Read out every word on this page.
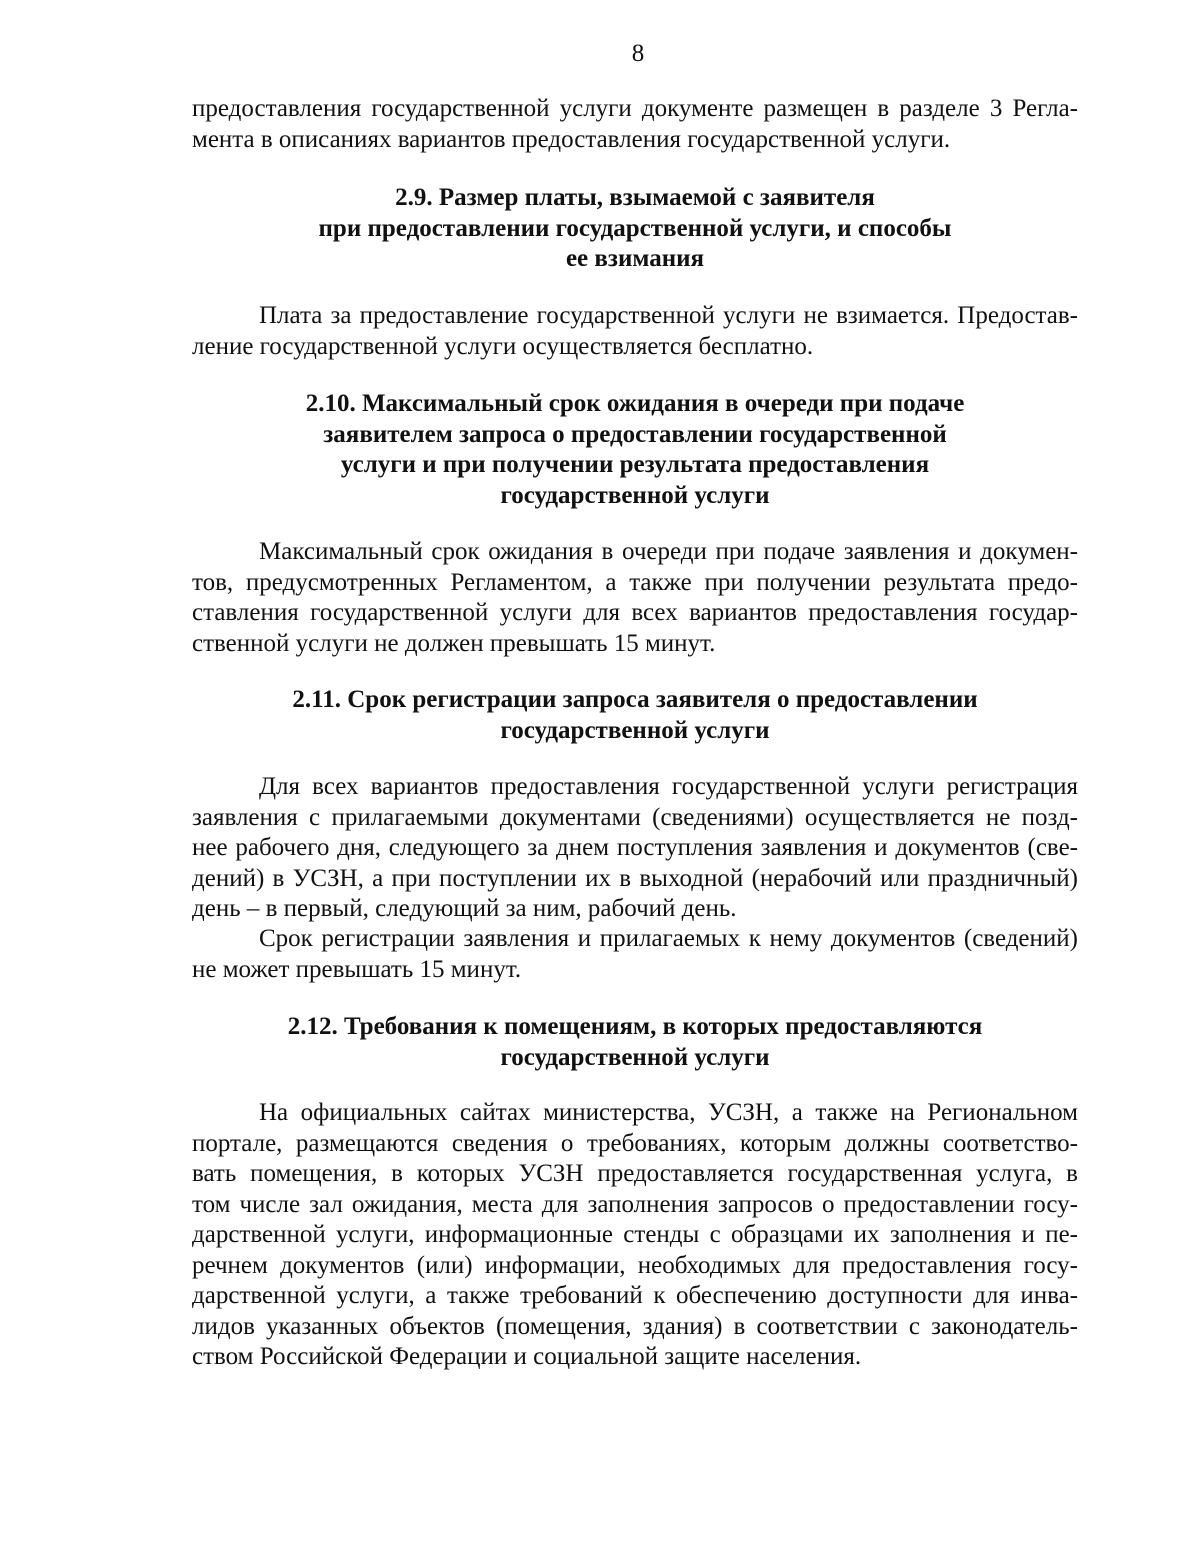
8

предоставления государственной услуги документе размещен в разделе 3 Регла-
мента в описаниях вариантов предоставления государственной услуги.

2.9. Размер платы, взымаемой с заявителя
при предоставлении государственной услуги, и способы
ее взимания

Плата за предоставление государственной услуги не взимается. Предостав-
ление государственной услуги осуществляется бесплатно.

2.10. Максимальный срок ожидания в очереди при подаче
заявителем запроса о предоставлении государственной
услуги и при получении результата предоставления
государственной услуги

Максимальный срок ожидания в очереди при подаче заявления и докумен-
тов, предусмотренных Регламентом, а также при получении результата предо-
ставления государственной услуги для всех вариантов предоставления государ-
ственной услуги не должен превышать 15 минут.

2.11. Срок регистрации запроса заявителя о предоставлении
государственной услуги

Для всех вариантов предоставления государственной услуги регистрация
заявления с прилагаемыми документами (сведениями) осуществляется не позд-
нее рабочего дня, следующего за днем поступления заявления и документов (све-
дений) в УСЗН, а при поступлении их в выходной (нерабочий или праздничный)
день – в первый, следующий за ним, рабочий день.

Срок регистрации заявления и прилагаемых к нему документов (сведений)
не может превышать 15 минут.

2.12. Требования к помещениям, в которых предоставляются
государственной услуги

На официальных сайтах министерства, УСЗН, а также на Региональном
портале, размещаются сведения о требованиях, которым должны соответство-
вать помещения, в которых УСЗН предоставляется государственная услуга, в
том числе зал ожидания, места для заполнения запросов о предоставлении госу-
дарственной услуги, информационные стенды с образцами их заполнения и пе-
речнем документов (или) информации, необходимых для предоставления госу-
дарственной услуги, а также требований к обеспечению доступности для инва-
лидов указанных объектов (помещения, здания) в соответствии с законодатель-
ством Российской Федерации и социальной защите населения.
